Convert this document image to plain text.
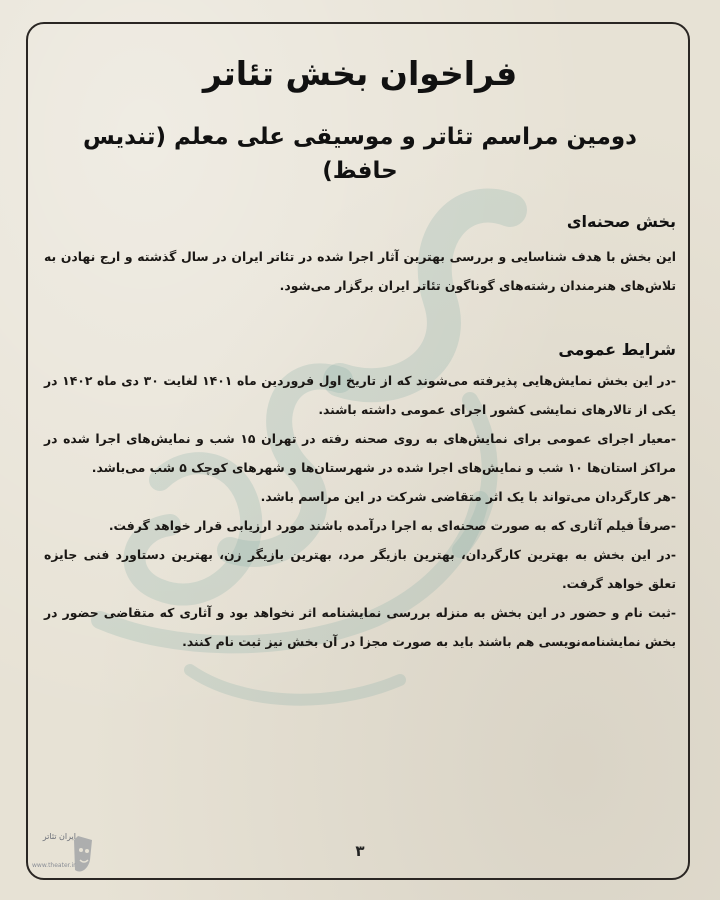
فراخوان بخش تئاتر
دومین مراسم تئاتر و موسیقی علی معلم (تندیس حافظ)
بخش صحنه‌ای

این بخش با هدف شناسایی و بررسی بهترین آثار اجرا شده در تئاتر ایران در سال گذشته و ارج نهادن به تلاش‌های هنرمندان رشته‌های گوناگون تئاتر ایران برگزار می‌شود.

شرایط عمومی

-در این بخش نمایش‌هایی پذیرفته می‌شوند که از تاریخ اول فروردین ماه ۱۴۰۱ لغایت ۳۰ دی ماه ۱۴۰۲ در یکی از تالارهای نمایشی کشور اجرای عمومی داشته باشند.

-معیار اجرای عمومی برای نمایش‌های به روی صحنه رفته در تهران ۱۵ شب و نمایش‌های اجرا شده در مراکز استان‌ها ۱۰ شب و نمایش‌های اجرا شده در شهرستان‌ها و شهرهای کوچک ۵ شب می‌باشد.

-هر کارگردان می‌تواند با یک اثر متقاضی شرکت در این مراسم باشد.

-صرفاً فیلم آثاری که به صورت صحنه‌ای به اجرا درآمده باشند مورد ارزیابی قرار خواهد گرفت.

-در این بخش به بهترین کارگردان، بهترین بازیگر مرد، بهترین بازیگر زن، بهترین دستاورد فنی جایزه تعلق خواهد گرفت.

-ثبت نام و حضور در این بخش به منزله بررسی نمایشنامه اثر نخواهد بود و آثاری که متقاضی حضور در بخش نمایشنامه‌نویسی هم باشند باید به صورت مجزا در آن بخش نیز ثبت نام کنند.

۳
ایران تئاتر
www.theater.ir
